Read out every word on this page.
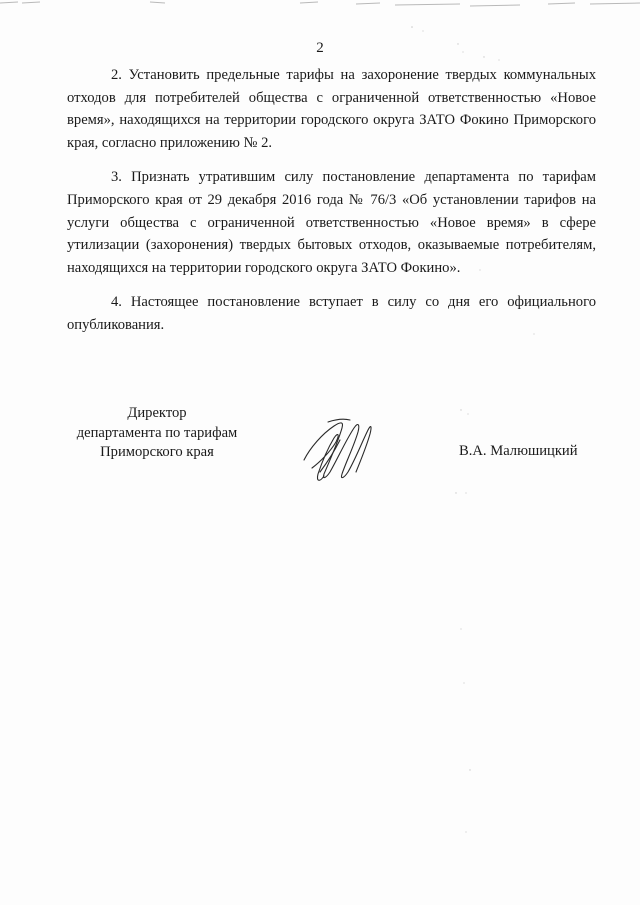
2

2. Установить предельные тарифы на захоронение твердых коммунальных отходов для потребителей общества с ограниченной ответственностью «Новое время», находящихся на территории городского округа ЗАТО Фокино Приморского края, согласно приложению № 2.

3. Признать утратившим силу постановление департамента по тарифам Приморского края от 29 декабря 2016 года № 76/3 «Об установлении тарифов на услуги общества с ограниченной ответственностью «Новое время» в сфере утилизации (захоронения) твердых бытовых отходов, оказываемые потребителям, находящихся на территории городского округа ЗАТО Фокино».

4. Настоящее постановление вступает в силу со дня его официального опубликования.

Директор
департамента по тарифам
Приморского края	В.А. Малюшицкий
